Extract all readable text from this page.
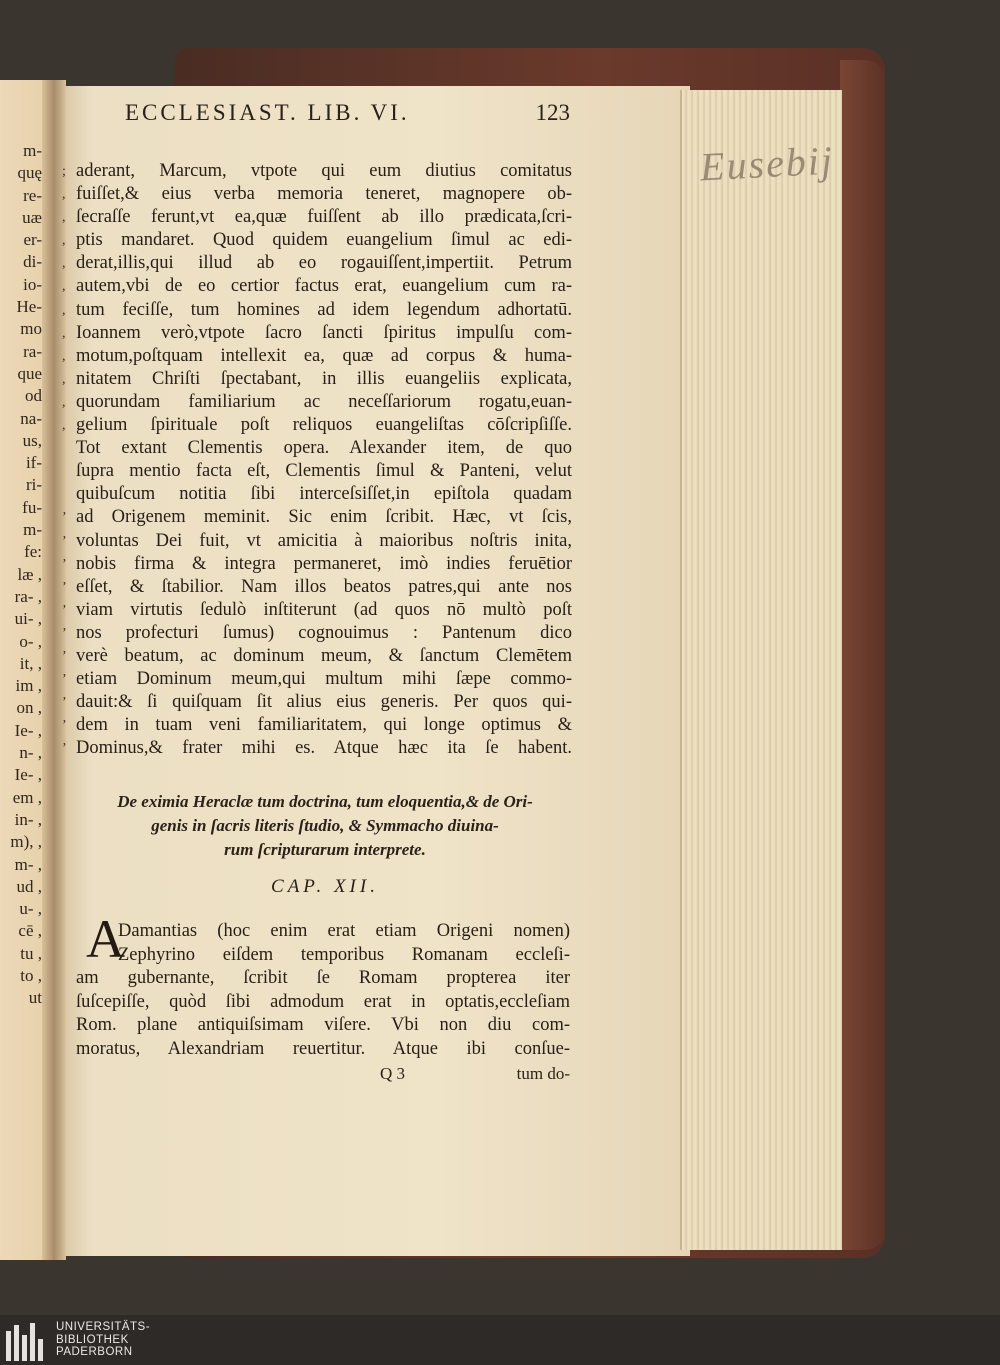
Eusebij
m-
quę
re-
uæ
er-
di-
io-
He-
mo
ra-
que
od
na-
us,
if-
ri-
fu-
m-
fe:
læ ,
ra- ,
ui- ,
o- ,
it, ,
im ,
on ,
Ie- ,
n- ,
Ie- ,
em ,
in- ,
m), ,
m- ,
ud ,
u- ,
cē ,
tu ,
to ,
ut
ECCLESIAST. LIB. VI.	123
; aderant, Marcum, vtpote qui eum diutius comitatus
, fuiſſet,& eius verba memoria teneret, magnopere ob-
, ſecraſſe ferunt,vt ea,quæ fuiſſent ab illo prædicata,ſcri-
, ptis mandaret. Quod quidem euangelium ſimul ac edi-
, derat,illis,qui illud ab eo rogauiſſent,impertiit. Petrum
, autem,vbi de eo certior factus erat, euangelium cum ra-
, tum feciſſe, tum homines ad idem legendum adhortatū.
, Ioannem verò,vtpote ſacro ſancti ſpiritus impulſu com-
, motum,poſtquam intellexit ea, quæ ad corpus & huma-
, nitatem Chriſti ſpectabant, in illis euangeliis explicata,
, quorundam familiarium ac neceſſariorum rogatu,euan-
, gelium ſpirituale poſt reliquos euangeliſtas cōſcripſiſſe.
Tot extant Clementis opera. Alexander item, de quo
ſupra mentio facta eſt, Clementis ſimul & Panteni, velut
quibuſcum notitia ſibi interceſsiſſet,in epiſtola quadam
’ ad Origenem meminit. Sic enim ſcribit. Hæc, vt ſcis,
’ voluntas Dei fuit, vt amicitia à maioribus noſtris inita,
’ nobis firma & integra permaneret, imò indies feruētior
’ eſſet, & ſtabilior. Nam illos beatos patres,qui ante nos
’ viam virtutis ſedulò inſtiterunt (ad quos nō multò poſt
’ nos profecturi ſumus) cognouimus : Pantenum dico
’ verè beatum, ac dominum meum, & ſanctum Clemētem
’ etiam Dominum meum,qui multum mihi ſæpe commo-
’ dauit:& ſi quiſquam ſit alius eius generis. Per quos qui-
’ dem in tuam veni familiaritatem, qui longe optimus &
’ Dominus,& frater mihi es. Atque hæc ita ſe habent.
De eximia Heraclæ tum doctrina, tum eloquentia,& de Ori-
genis in ſacris literis ſtudio, & Symmacho diuina-
rum ſcripturarum interprete.
CAP. XII.
A
Damantias (hoc enim erat etiam Origeni nomen)
Zephyrino eiſdem temporibus Romanam eccleſi-
am gubernante, ſcribit ſe Romam propterea iter
ſuſcepiſſe, quòd ſibi admodum erat in optatis,eccleſiam
Rom. plane antiquiſsimam viſere. Vbi non diu com-
moratus, Alexandriam reuertitur. Atque ibi conſue-
Q 3	tum do-
UNIVERSITÄTS-
BIBLIOTHEK
PADERBORN
